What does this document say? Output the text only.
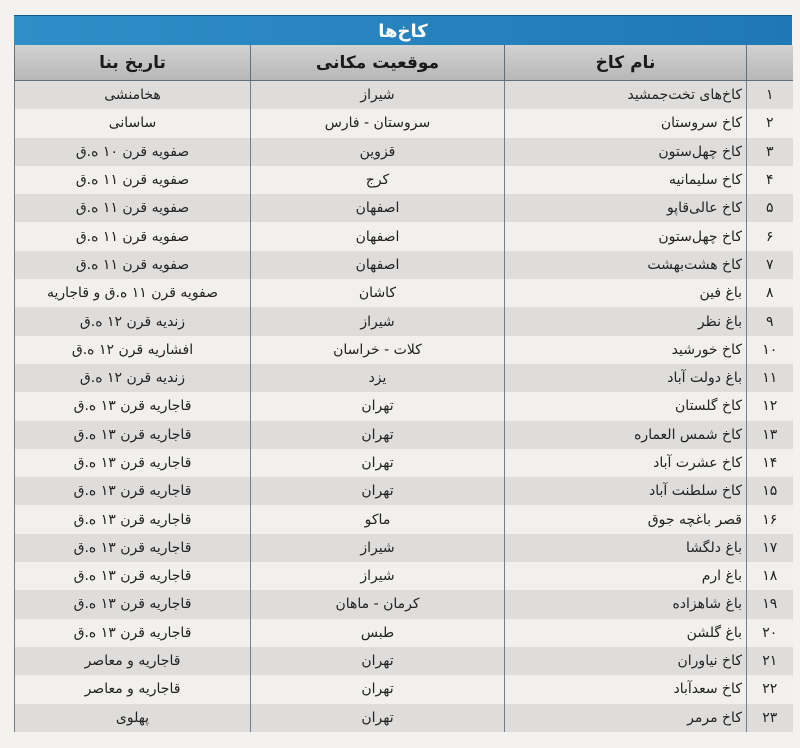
کاخ‌ها
	نام کاخ	موقعیت مکانی	تاریخ بنا
۱	کاخ‌های تخت‌جمشید	شیراز	هخامنشی
۲	کاخ سروستان	سروستان - فارس	ساسانی
۳	کاخ چهل‌ستون	قزوین	صفویه قرن ۱۰ ه.ق
۴	کاخ سلیمانیه	کرج	صفویه قرن ۱۱ ه.ق
۵	کاخ عالی‌قاپو	اصفهان	صفویه قرن ۱۱ ه.ق
۶	کاخ چهل‌ستون	اصفهان	صفویه قرن ۱۱ ه.ق
۷	کاخ هشت‌بهشت	اصفهان	صفویه قرن ۱۱ ه.ق
۸	باغ فین	کاشان	صفویه قرن ۱۱ ه.ق و قاجاریه
۹	باغ نظر	شیراز	زندیه قرن ۱۲ ه.ق
۱۰	کاخ خورشید	کلات - خراسان	افشاریه قرن ۱۲ ه.ق
۱۱	باغ دولت آباد	یزد	زندیه قرن ۱۲ ه.ق
۱۲	کاخ گلستان	تهران	قاجاریه قرن ۱۳ ه.ق
۱۳	کاخ شمس العماره	تهران	قاجاریه قرن ۱۳ ه.ق
۱۴	کاخ عشرت آباد	تهران	قاجاریه قرن ۱۳ ه.ق
۱۵	کاخ سلطنت آباد	تهران	قاجاریه قرن ۱۳ ه.ق
۱۶	قصر باغچه جوق	ماکو	قاجاریه قرن ۱۳ ه.ق
۱۷	باغ دلگشا	شیراز	قاجاریه قرن ۱۳ ه.ق
۱۸	باغ ارم	شیراز	قاجاریه قرن ۱۳ ه.ق
۱۹	باغ شاهزاده	کرمان - ماهان	قاجاریه قرن ۱۳ ه.ق
۲۰	باغ گلشن	طبس	قاجاریه قرن ۱۳ ه.ق
۲۱	کاخ نیاوران	تهران	قاجاریه و معاصر
۲۲	کاخ سعدآباد	تهران	قاجاریه و معاصر
۲۳	کاخ مرمر	تهران	پهلوی
